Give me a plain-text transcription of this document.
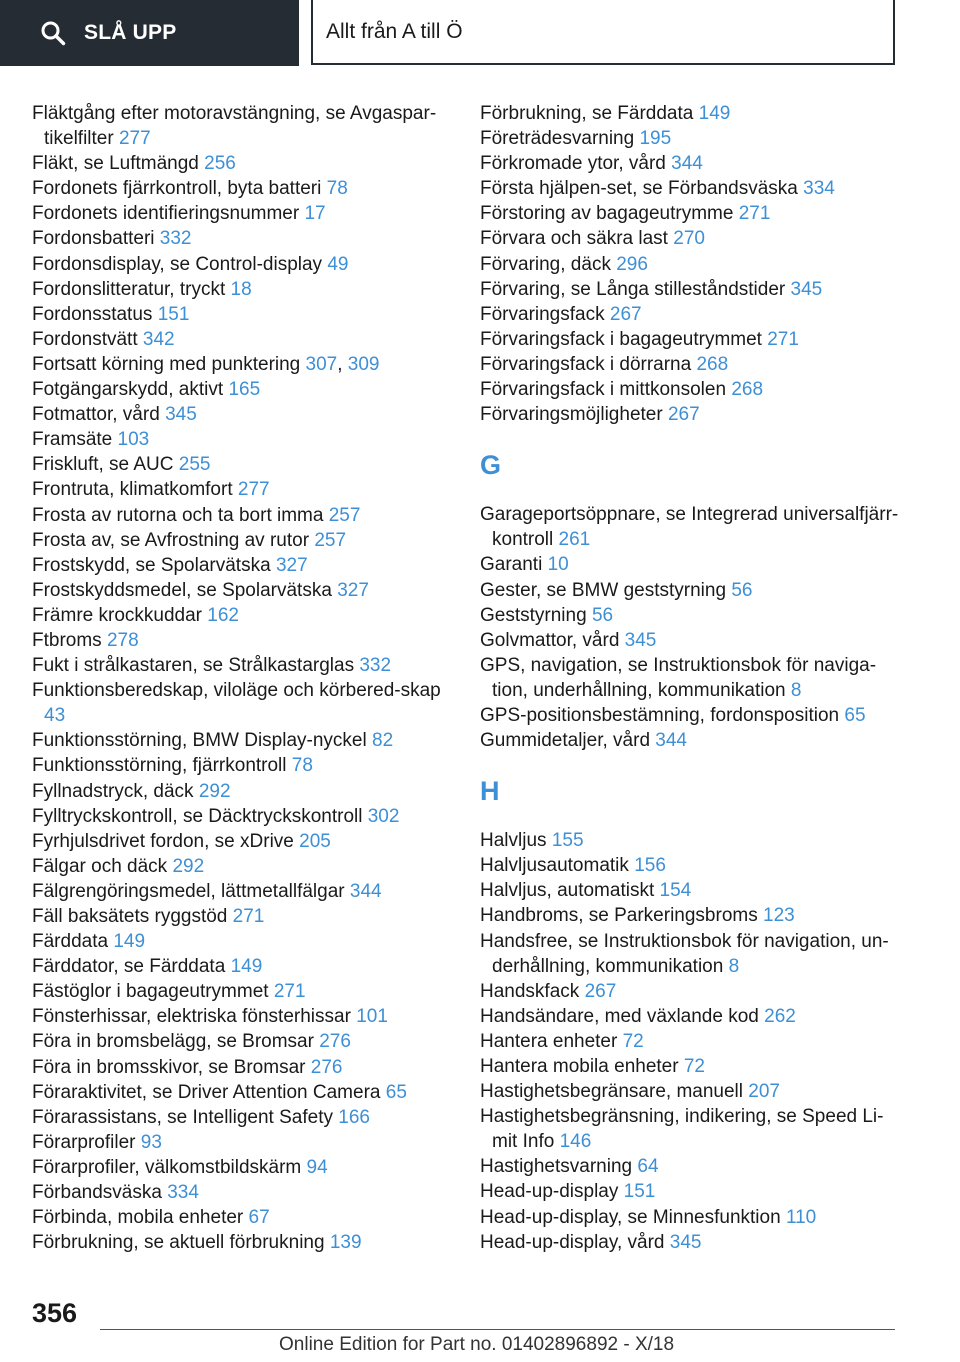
SLÅ UPP	Allt från A till Ö

Fläktgång efter motoravstängning, se Avgaspar-tikelfilter 277

Fläkt, se Luftmängd 256

Fordonets fjärrkontroll, byta batteri 78

Fordonets identifieringsnummer 17

Fordonsbatteri 332

Fordonsdisplay, se Control-display 49

Fordonslitteratur, tryckt 18

Fordonsstatus 151

Fordonstvätt 342

Fortsatt körning med punktering 307, 309

Fotgängarskydd, aktivt 165

Fotmattor, vård 345

Framsäte 103

Friskluft, se AUC 255

Frontruta, klimatkomfort 277

Frosta av rutorna och ta bort imma 257

Frosta av, se Avfrostning av rutor 257

Frostskydd, se Spolarvätska 327

Frostskyddsmedel, se Spolarvätska 327

Främre krockkuddar 162

Ftbroms 278

Fukt i strålkastaren, se Strålkastarglas 332

Funktionsberedskap, viloläge och körbered-skap 43

Funktionsstörning, BMW Display-nyckel 82

Funktionsstörning, fjärrkontroll 78

Fyllnadstryck, däck 292

Fylltryckskontroll, se Däcktryckskontroll 302

Fyrhjulsdrivet fordon, se xDrive 205

Fälgar och däck 292

Fälgrengöringsmedel, lättmetallfälgar 344

Fäll baksätets ryggstöd 271

Färddata 149

Färddator, se Färddata 149

Fästöglor i bagageutrymmet 271

Fönsterhissar, elektriska fönsterhissar 101

Föra in bromsbelägg, se Bromsar 276

Föra in bromsskivor, se Bromsar 276

Föraraktivitet, se Driver Attention Camera 65

Förarassistans, se Intelligent Safety 166

Förarprofiler 93

Förarprofiler, välkomstbildskärm 94

Förbandsväska 334

Förbinda, mobila enheter 67

Förbrukning, se aktuell förbrukning 139

Förbrukning, se Färddata 149

Företrädesvarning 195

Förkromade ytor, vård 344

Första hjälpen-set, se Förbandsväska 334

Förstoring av bagageutrymme 271

Förvara och säkra last 270

Förvaring, däck 296

Förvaring, se Långa stilleståndstider 345

Förvaringsfack 267

Förvaringsfack i bagageutrymmet 271

Förvaringsfack i dörrarna 268

Förvaringsfack i mittkonsolen 268

Förvaringsmöjligheter 267

G

Garageportsöppnare, se Integrerad universalfjärr-kontroll 261

Garanti 10

Gester, se BMW geststyrning 56

Geststyrning 56

Golvmattor, vård 345

GPS, navigation, se Instruktionsbok för naviga-tion, underhållning, kommunikation 8

GPS-positionsbestämning, fordonsposition 65

Gummidetaljer, vård 344

H

Halvljus 155

Halvljusautomatik 156

Halvljus, automatiskt 154

Handbroms, se Parkeringsbroms 123

Handsfree, se Instruktionsbok för navigation, un-derhållning, kommunikation 8

Handskfack 267

Handsändare, med växlande kod 262

Hantera enheter 72

Hantera mobila enheter 72

Hastighetsbegränsare, manuell 207

Hastighetsbegränsning, indikering, se Speed Li-mit Info 146

Hastighetsvarning 64

Head-up-display 151

Head-up-display, se Minnesfunktion 110

Head-up-display, vård 345

356
Online Edition for Part no. 01402896892 - X/18
